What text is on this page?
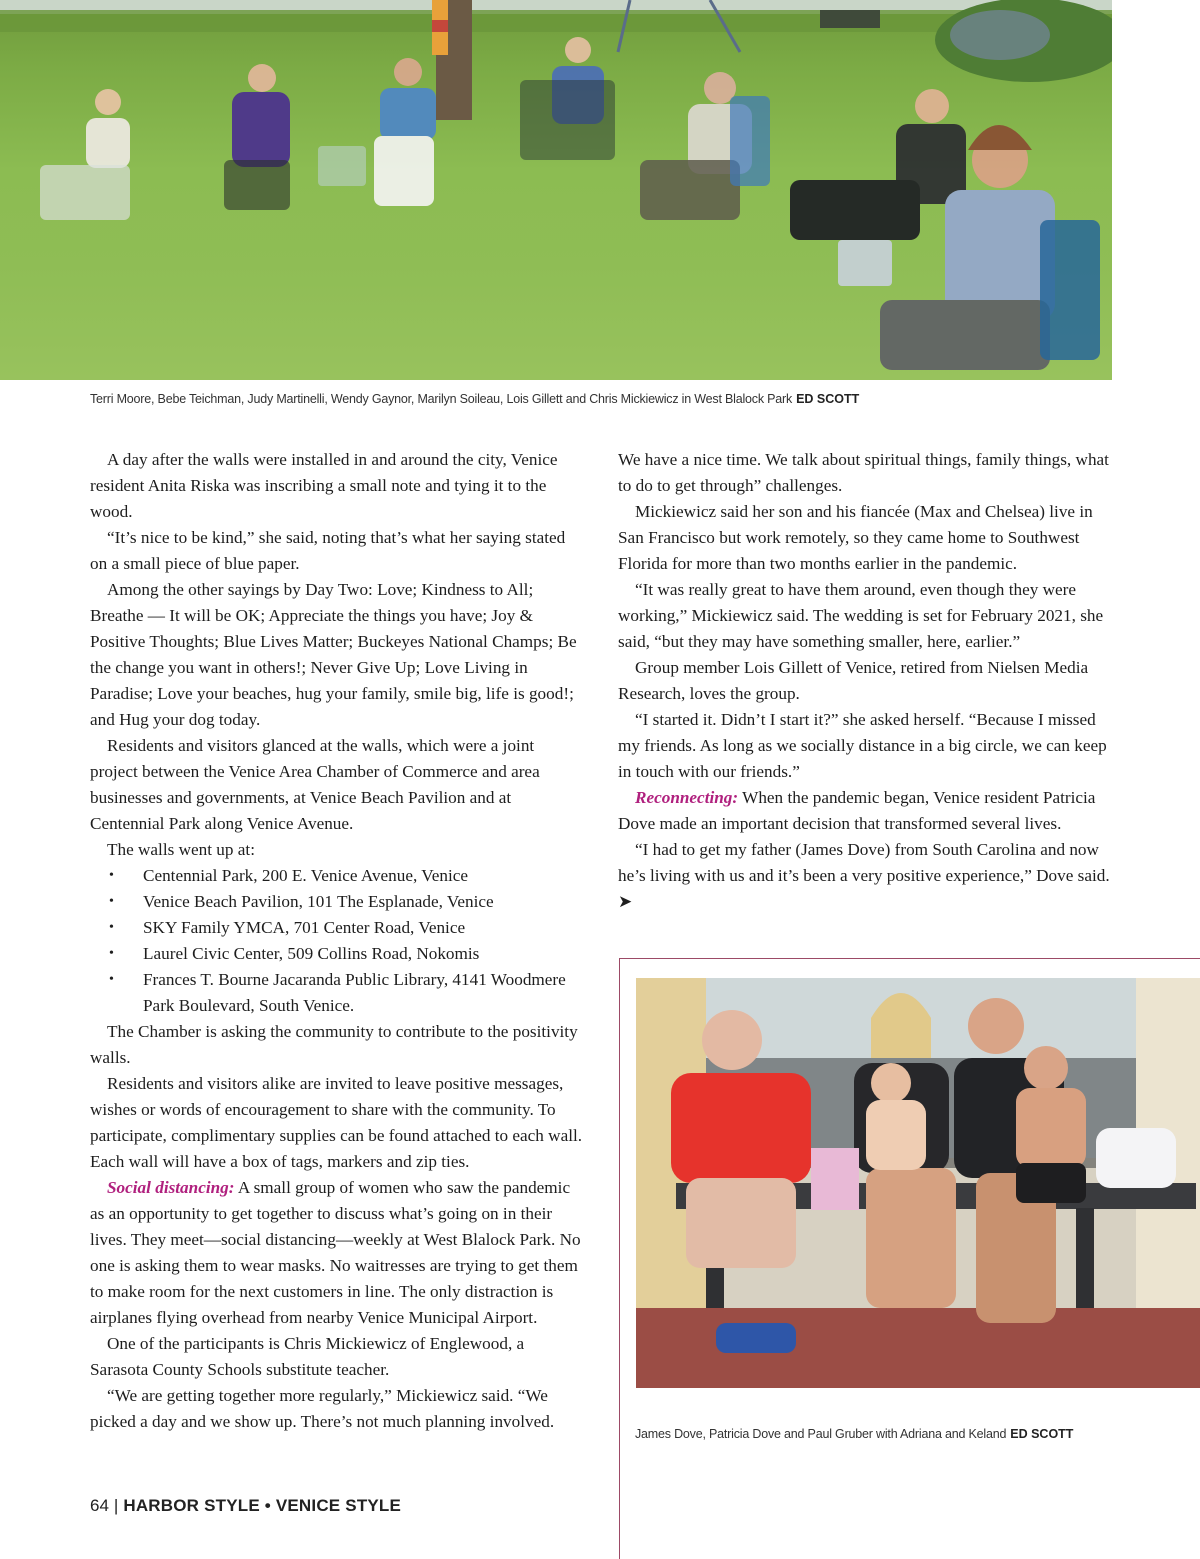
Terri Moore, Bebe Teichman, Judy Martinelli, Wendy Gaynor, Marilyn Soileau, Lois Gillett and Chris Mickiewicz in West Blalock Park ED SCOTT

A day after the walls were installed in and around the city, Venice resident Anita Riska was inscribing a small note and tying it to the wood.

“It’s nice to be kind,” she said, noting that’s what her saying stated on a small piece of blue paper.

Among the other sayings by Day Two: Love; Kindness to All; Breathe — It will be OK; Appreciate the things you have; Joy & Positive Thoughts; Blue Lives Matter; Buckeyes National Champs; Be the change you want in others!; Never Give Up; Love Living in Paradise; Love your beaches, hug your family, smile big, life is good!; and Hug your dog today.

Residents and visitors glanced at the walls, which were a joint project between the Venice Area Chamber of Commerce and area businesses and governments, at Venice Beach Pavilion and at Centennial Park along Venice Avenue.

The walls went up at:

• Centennial Park, 200 E. Venice Avenue, Venice
• Venice Beach Pavilion, 101 The Esplanade, Venice
• SKY Family YMCA, 701 Center Road, Venice
• Laurel Civic Center, 509 Collins Road, Nokomis
• Frances T. Bourne Jacaranda Public Library, 4141 Woodmere Park Boulevard, South Venice.

The Chamber is asking the community to contribute to the positivity walls.

Residents and visitors alike are invited to leave positive messages, wishes or words of encouragement to share with the community. To participate, complimentary supplies can be found attached to each wall. Each wall will have a box of tags, markers and zip ties.

Social distancing: A small group of women who saw the pandemic as an opportunity to get together to discuss what’s going on in their lives. They meet—social distancing—weekly at West Blalock Park. No one is asking them to wear masks. No waitresses are trying to get them to make room for the next customers in line. The only distraction is airplanes flying overhead from nearby Venice Municipal Airport.

One of the participants is Chris Mickiewicz of Englewood, a Sarasota County Schools substitute teacher.

“We are getting together more regularly,” Mickiewicz said. “We picked a day and we show up. There’s not much planning involved.

We have a nice time. We talk about spiritual things, family things, what to do to get through” challenges.

Mickiewicz said her son and his fiancée (Max and Chelsea) live in San Francisco but work remotely, so they came home to Southwest Florida for more than two months earlier in the pandemic.

“It was really great to have them around, even though they were working,” Mickiewicz said. The wedding is set for February 2021, she said, “but they may have something smaller, here, earlier.”

Group member Lois Gillett of Venice, retired from Nielsen Media Research, loves the group.

“I started it. Didn’t I start it?” she asked herself. “Because I missed my friends. As long as we socially distance in a big circle, we can keep in touch with our friends.”

Reconnecting: When the pandemic began, Venice resident Patricia Dove made an important decision that transformed several lives.

“I had to get my father (James Dove) from South Carolina and now he’s living with us and it’s been a very positive experience,” Dove said. ➤

James Dove, Patricia Dove and Paul Gruber with Adriana and Keland ED SCOTT
64 | HARBOR STYLE • VENICE STYLE
